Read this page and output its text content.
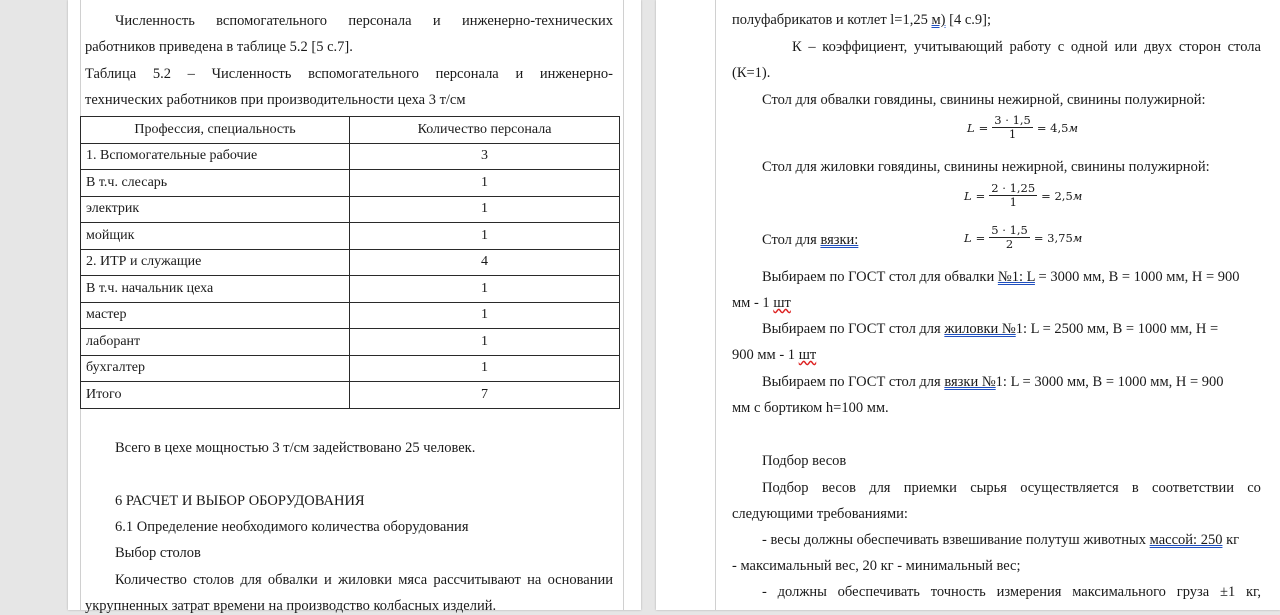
Численность вспомогательного персонала и инженерно-технических
работников приведена в таблице 5.2 [5 с.7].
Таблица 5.2 – Численность вспомогательного персонала и инженерно-
технических работников при производительности цеха 3 т/см
Профессия, специальность	Количество персонала
1. Вспомогательные рабочие	3
В т.ч. слесарь	1
электрик	1
мойщик	1
2. ИТР и служащие	4
В т.ч. начальник цеха	1
мастер	1
лаборант	1
бухгалтер	1
Итого	7
Всего в цехе мощностью 3 т/см задействовано 25 человек.
6 РАСЧЕТ И ВЫБОР ОБОРУДОВАНИЯ
6.1 Определение необходимого количества оборудования
Выбор столов
Количество столов для обвалки и жиловки мяса рассчитывают на основании
укрупненных затрат времени на производство колбасных изделий.
полуфабрикатов и котлет l=1,25 м) [4 с.9];
К – коэффициент, учитывающий работу с одной или двух сторон стола
(К=1).
Стол для обвалки говядины, свинины нежирной, свинины полужирной:
$L = \frac{3 \cdot 1,5}{1} = 4,5м$
Стол для жиловки говядины, свинины нежирной, свинины полужирной:
$L = \frac{2 \cdot 1,25}{1} = 2,5м$
Стол для вязки:	$L = \frac{5 \cdot 1,5}{2} = 3,75м$
Выбираем по ГОСТ стол для обвалки №1: L = 3000 мм, В = 1000 мм, Н = 900
мм - 1 шт
Выбираем по ГОСТ стол для жиловки №1: L = 2500 мм, В = 1000 мм, Н =
900 мм - 1 шт
Выбираем по ГОСТ стол для вязки №1: L = 3000 мм, В = 1000 мм, Н = 900
мм с бортиком h=100 мм.
Подбор весов
Подбор весов для приемки сырья осуществляется в соответствии со
следующими требованиями:
- весы должны обеспечивать взвешивание полутуш животных массой: 250 кг
- максимальный вес, 20 кг - минимальный вес;
- должны обеспечивать точность измерения максимального груза ±1 кг,
